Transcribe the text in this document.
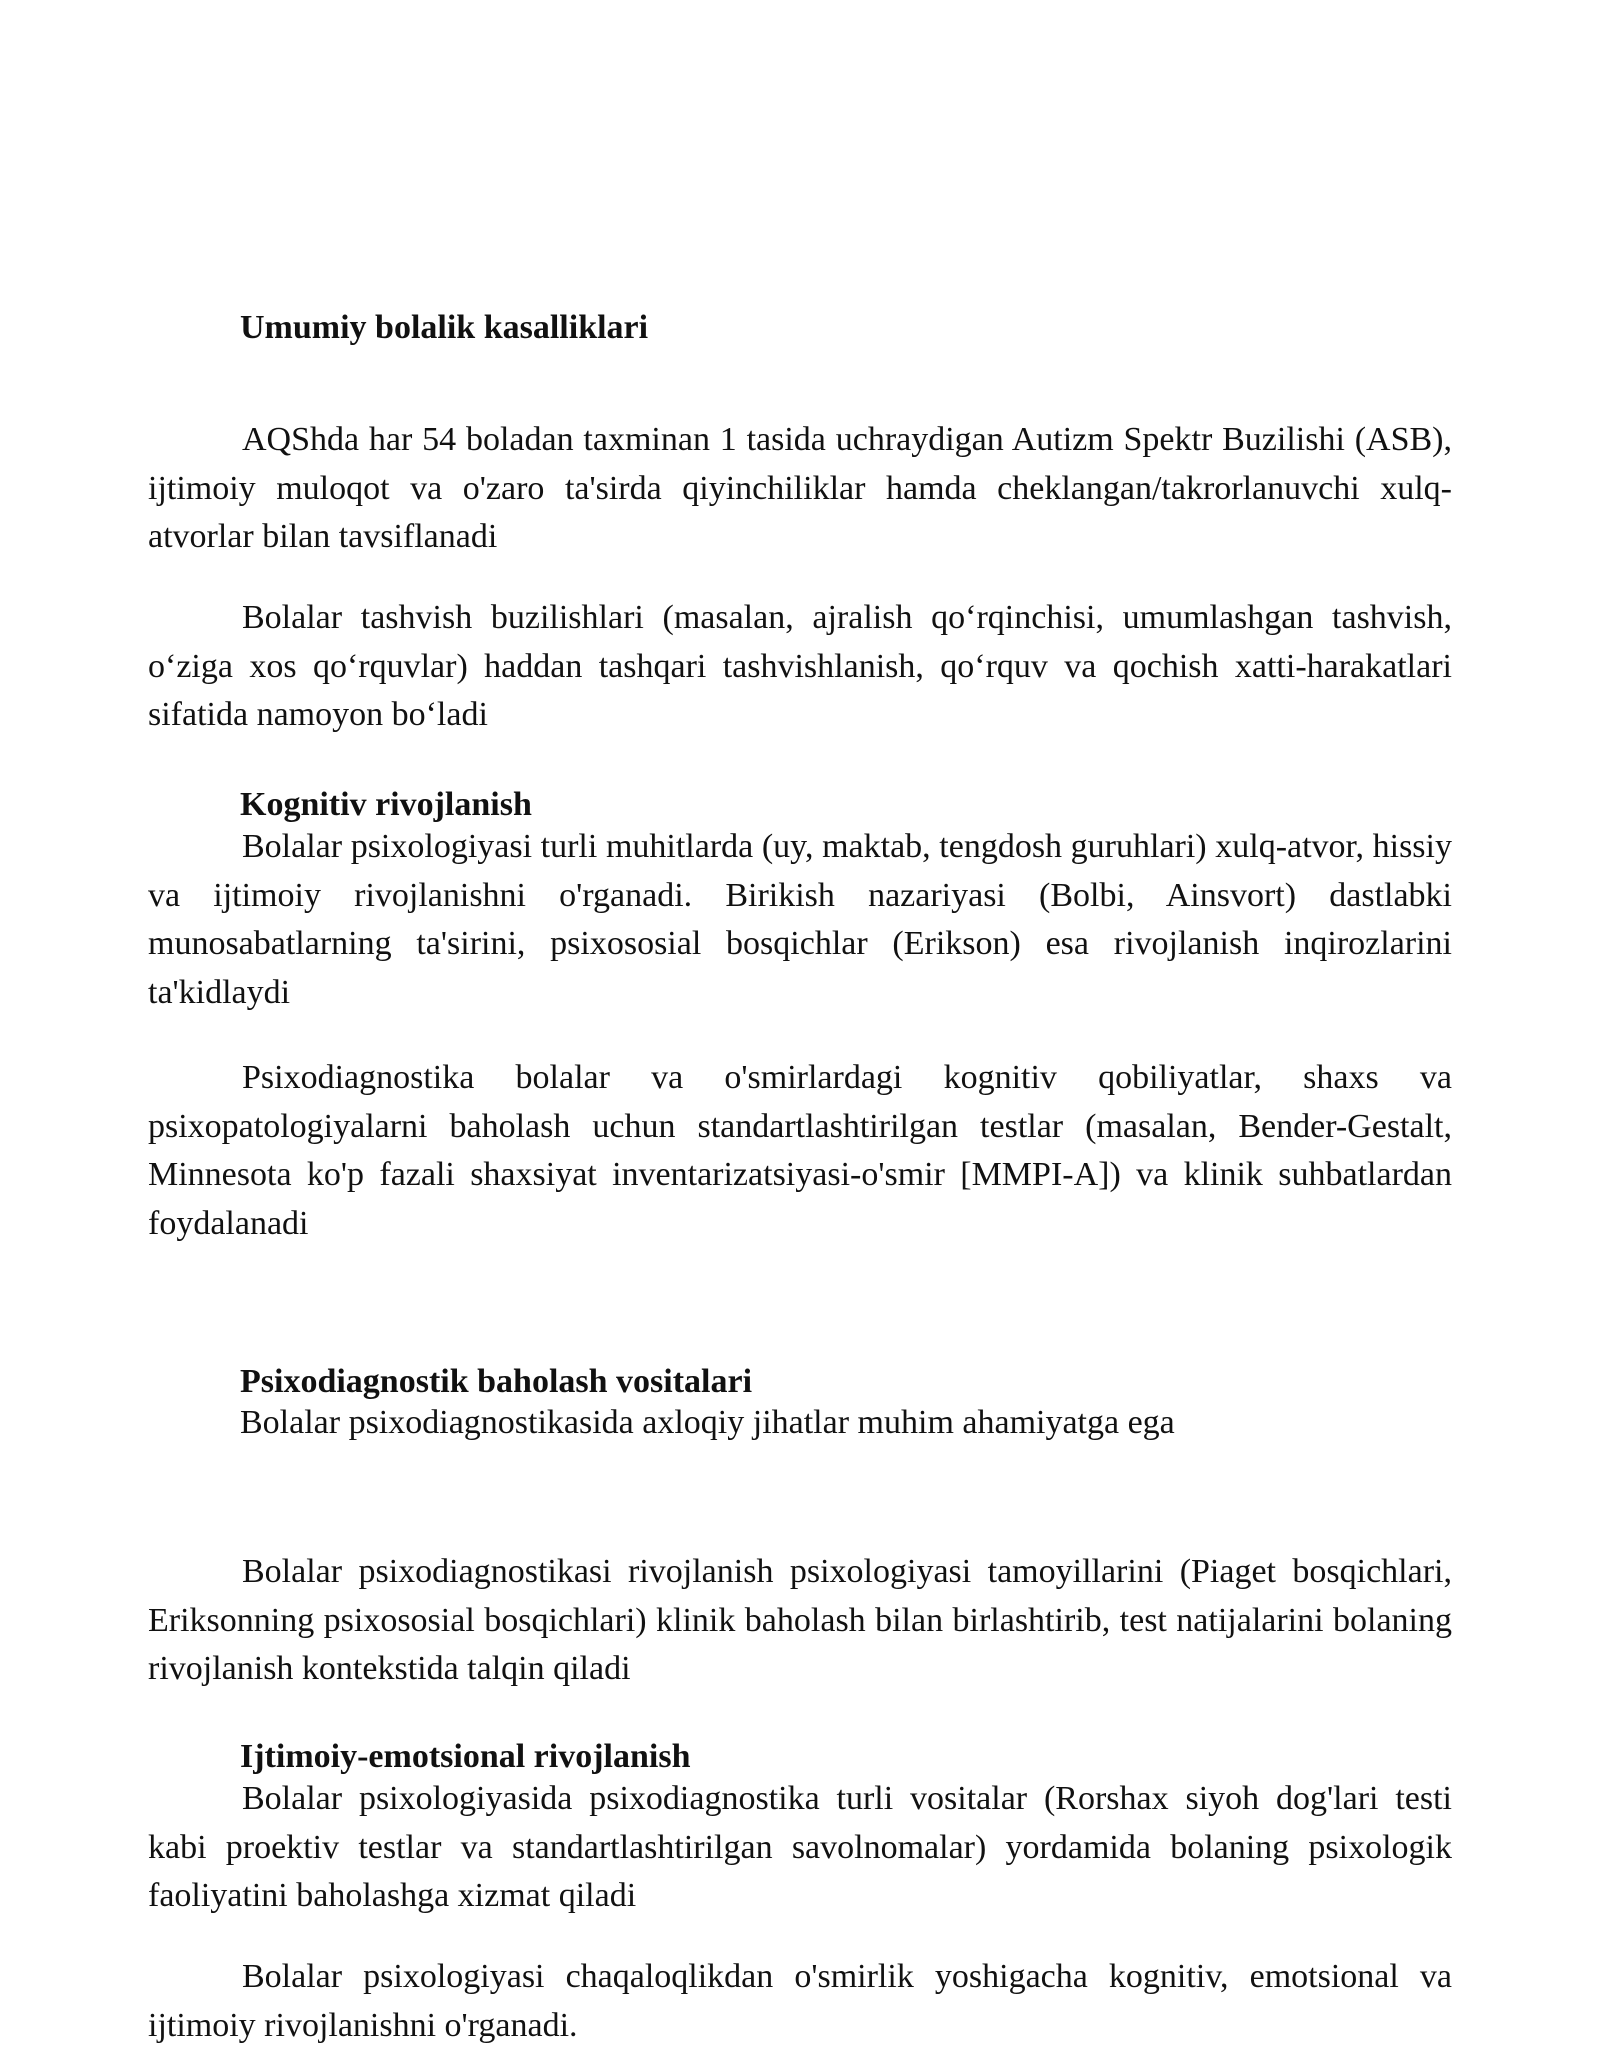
Umumiy bolalik kasalliklari

AQShda har 54 boladan taxminan 1 tasida uchraydigan Autizm Spektr Buzilishi (ASB), ijtimoiy muloqot va o'zaro ta'sirda qiyinchiliklar hamda cheklangan/takrorlanuvchi xulq-atvorlar bilan tavsiflanadi

Bolalar tashvish buzilishlari (masalan, ajralish qo‘rqinchisi, umumlashgan tashvish, o‘ziga xos qo‘rquvlar) haddan tashqari tashvishlanish, qo‘rquv va qochish xatti-harakatlari sifatida namoyon bo‘ladi

Kognitiv rivojlanish

Bolalar psixologiyasi turli muhitlarda (uy, maktab, tengdosh guruhlari) xulq-atvor, hissiy va ijtimoiy rivojlanishni o'rganadi. Birikish nazariyasi (Bolbi, Ainsvort) dastlabki munosabatlarning ta'sirini, psixososial bosqichlar (Erikson) esa rivojlanish inqirozlarini ta'kidlaydi

Psixodiagnostika bolalar va o'smirlardagi kognitiv qobiliyatlar, shaxs va psixopatologiyalarni baholash uchun standartlashtirilgan testlar (masalan, Bender-Gestalt, Minnesota ko'p fazali shaxsiyat inventarizatsiyasi-o'smir [MMPI-A]) va klinik suhbatlardan foydalanadi

Psixodiagnostik baholash vositalari

Bolalar psixodiagnostikasida axloqiy jihatlar muhim ahamiyatga ega

Bolalar psixodiagnostikasi rivojlanish psixologiyasi tamoyillarini (Piaget bosqichlari, Eriksonning psixososial bosqichlari) klinik baholash bilan birlashtirib, test natijalarini bolaning rivojlanish kontekstida talqin qiladi

Ijtimoiy-emotsional rivojlanish

Bolalar psixologiyasida psixodiagnostika turli vositalar (Rorshax siyoh dog'lari testi kabi proektiv testlar va standartlashtirilgan savolnomalar) yordamida bolaning psixologik faoliyatini baholashga xizmat qiladi

Bolalar psixologiyasi chaqaloqlikdan o'smirlik yoshigacha kognitiv, emotsional va ijtimoiy rivojlanishni o'rganadi.
